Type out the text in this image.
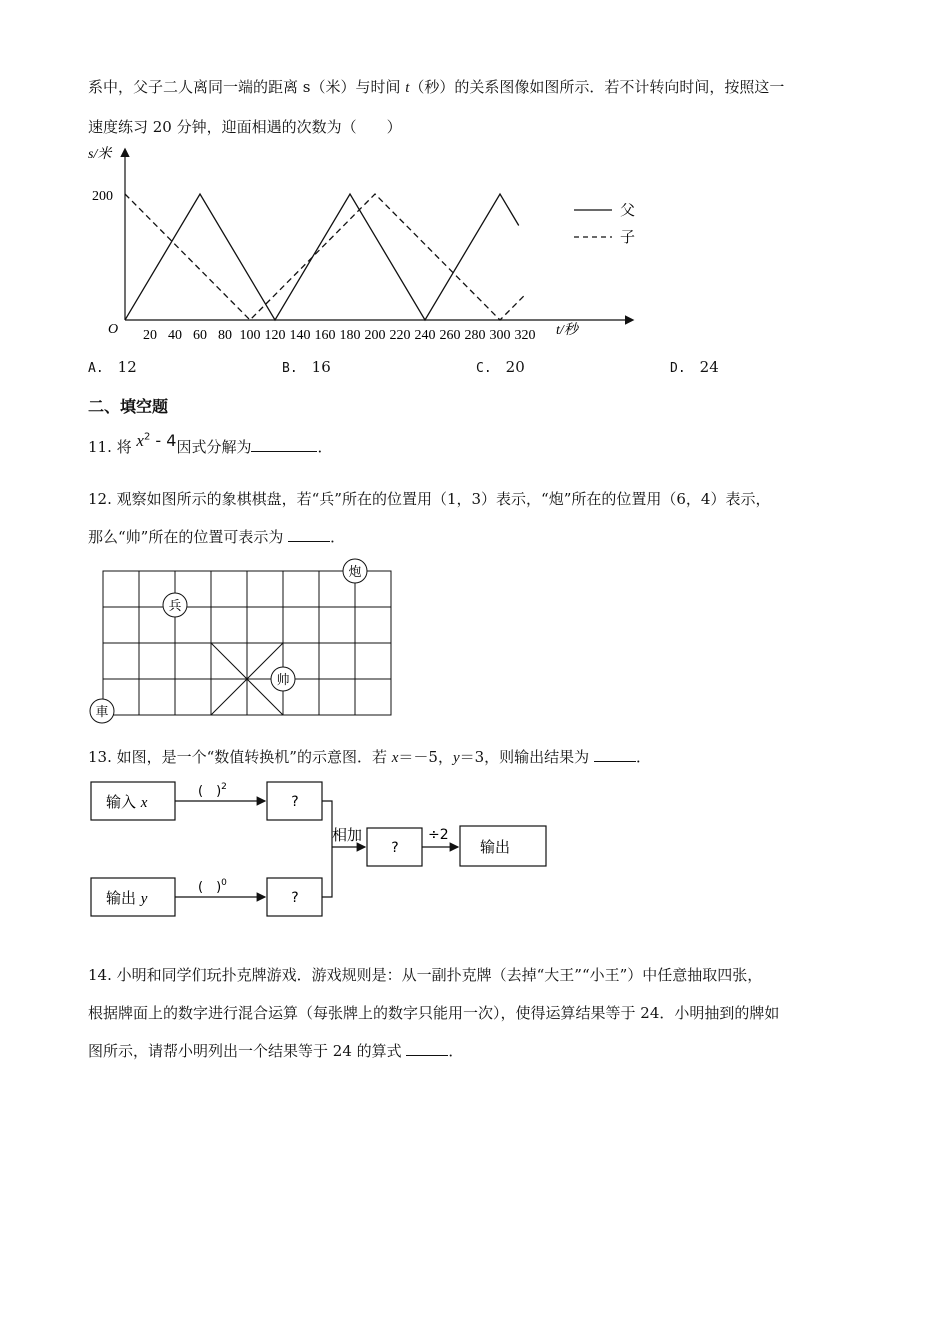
系中，父子二人离同一端的距离 s（米）与时间 t（秒）的关系图像如图所示．若不计转向时间，按照这一
速度练习 20 分钟，迎面相遇的次数为（　　）
s/米
200
O	t/秒
20 40 60 80 100 120 140 160 180 200 220 240 260 280 300 320
父
子
A. 12	B. 16	C. 20	D. 24
二、填空题
11. 将 $x^2 - 4$因式分解为	．
12. 观察如图所示的象棋棋盘，若“兵”所在的位置用（1，3）表示，“炮”所在的位置用（6，4）表示，
那么“帅”所在的位置可表示为	．
兵
炮
帅
車
13. 如图，是一个“数值转换机”的示意图．若 x＝－5，y＝3，则输出结果为	．
输入 x
输出 y
(　)$^2$
(　)$^0$
?
?
?
相加	÷2
输出
14. 小明和同学们玩扑克牌游戏．游戏规则是：从一副扑克牌（去掉“大王”“小王”）中任意抽取四张，
根据牌面上的数字进行混合运算（每张牌上的数字只能用一次），使得运算结果等于 24．小明抽到的牌如
图所示，请帮小明列出一个结果等于 24 的算式	．
